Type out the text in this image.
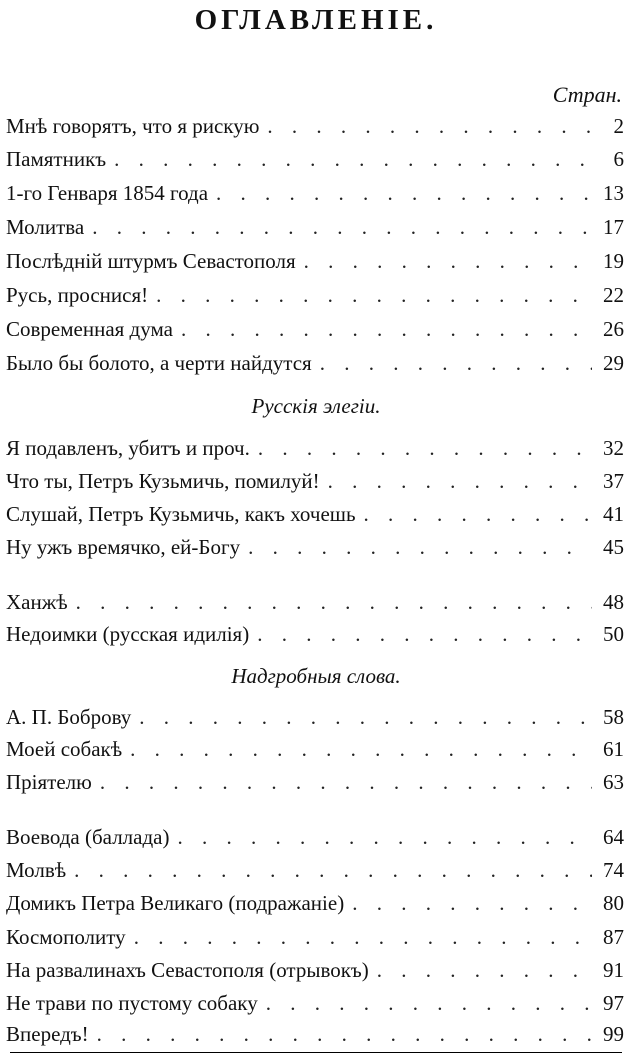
ОГЛАВЛЕНІЕ.
Стран.
Мнѣ говорятъ, что я рискую . . .	2
Памятникъ . . .	6
1-го Генваря 1854 года . . .	13
Молитва . . .	17
Послѣдній штурмъ Севастополя . . .	19
Русь, проснися! . . .	22
Современная дума . . .	26
Было бы болото, а черти найдутся . . .	29
Русскія элегіи.
Я подавленъ, убитъ и проч. . . .	32
Что ты, Петръ Кузьмичь, помилуй! . . .	37
Слушай, Петръ Кузьмичь, какъ хочешь . . .	41
Ну ужъ времячко, ей-Богу . . .	45
Ханжѣ . . .	48
Недоимки (русская идилія) . . .	50
Надгробныя слова.
А. П. Боброву . . .	58
Моей собакѣ . . .	61
Пріятелю . . .	63
Воевода (баллада) . . .	64
Молвѣ . . .	74
Домикъ Петра Великаго (подражаніе) . . .	80
Космополиту . . .	87
На развалинахъ Севастополя (отрывокъ) . . .	91
Не трави по пустому собаку . . .	97
Впередъ! . . .	99
